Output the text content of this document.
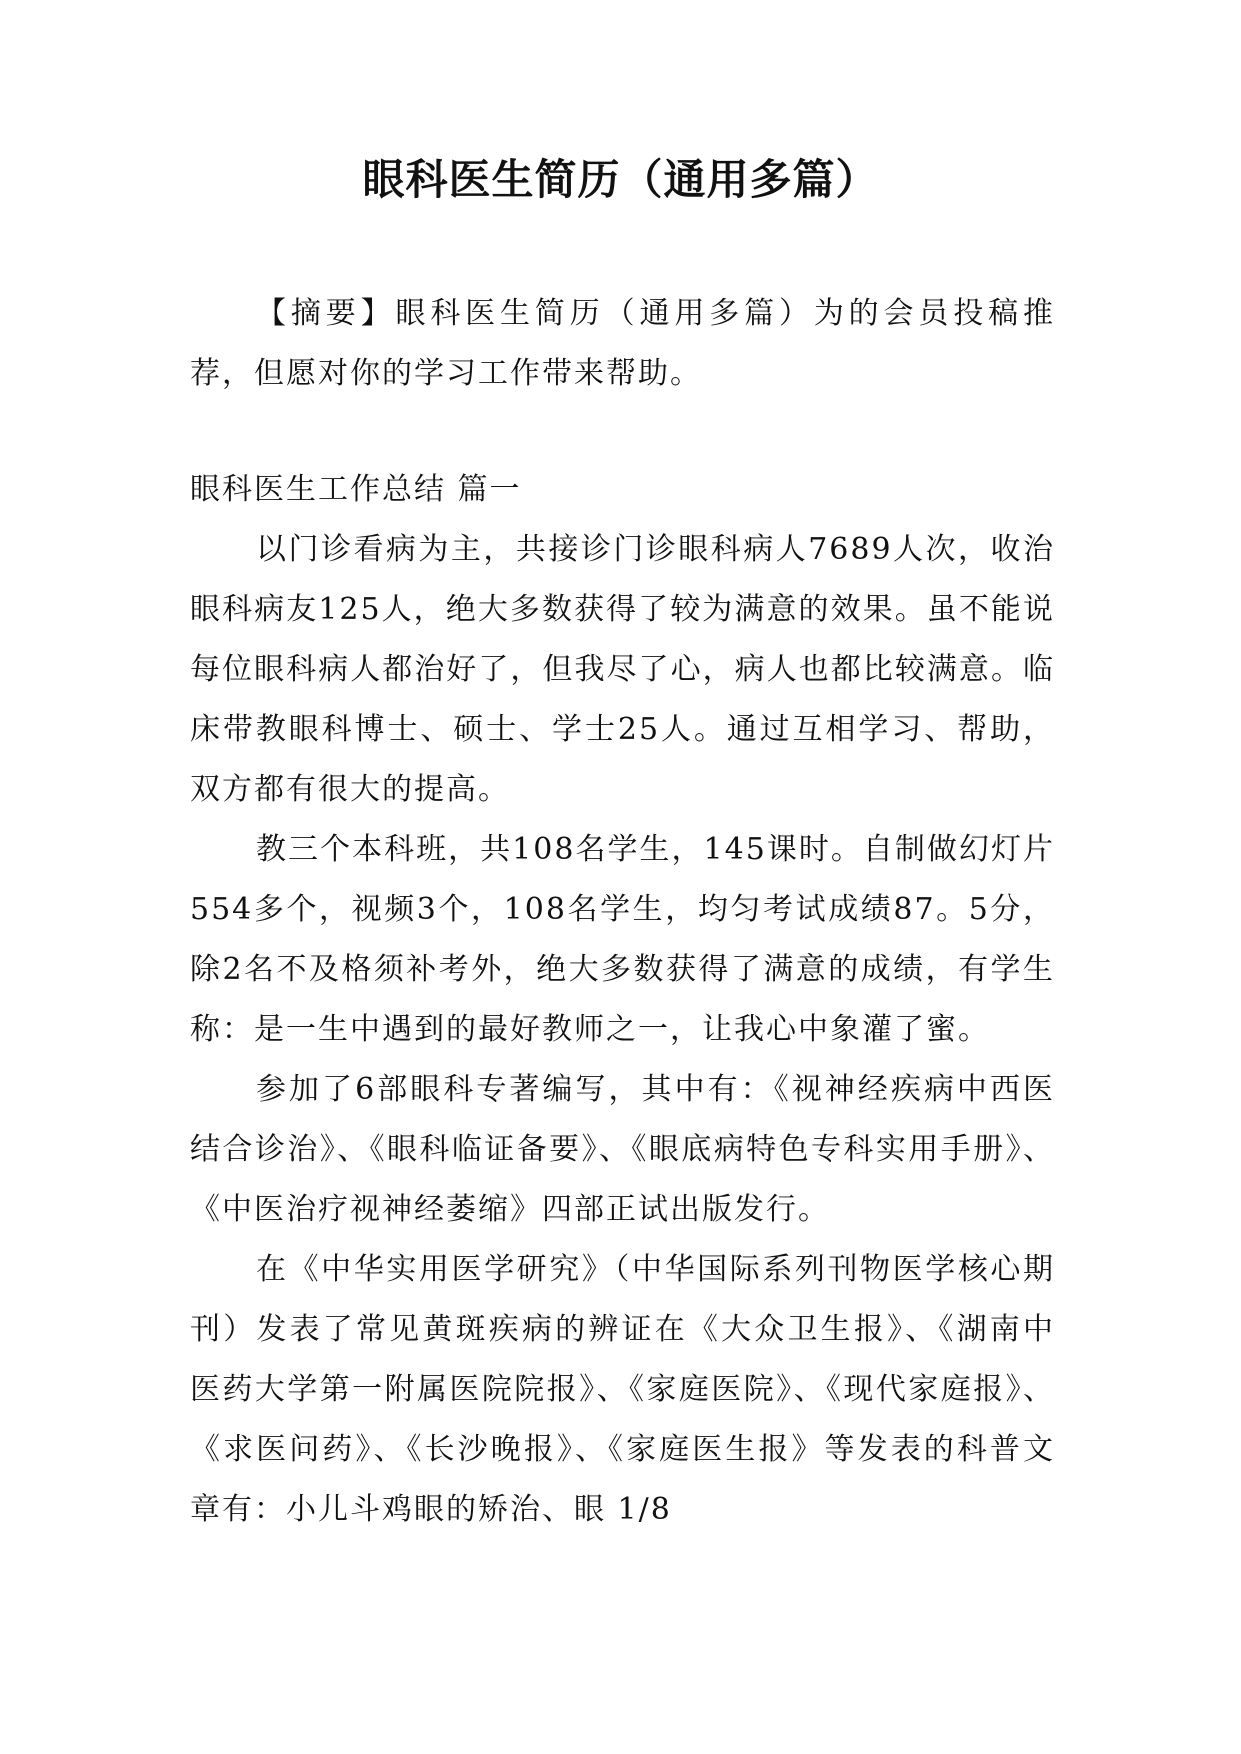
眼科医生简历（通用多篇）

【摘要】眼科医生简历（通用多篇）为的会员投稿推荐，但愿对你的学习工作带来帮助。

眼科医生工作总结 篇一

以门诊看病为主，共接诊门诊眼科病人7689人次，收治眼科病友125人，绝大多数获得了较为满意的效果。虽不能说每位眼科病人都治好了，但我尽了心，病人也都比较满意。临床带教眼科博士、硕士、学士25人。通过互相学习、帮助，双方都有很大的提高。

教三个本科班，共108名学生，145课时。自制做幻灯片554多个，视频3个，108名学生，均匀考试成绩87。5分，除2名不及格须补考外，绝大多数获得了满意的成绩，有学生称：是一生中遇到的最好教师之一，让我心中象灌了蜜。

参加了6部眼科专著编写，其中有：《视神经疾病中西医结合诊治》、《眼科临证备要》、《眼底病特色专科实用手册》、《中医治疗视神经萎缩》四部正试出版发行。

在《中华实用医学研究》（中华国际系列刊物医学核心期刊）发表了常见黄斑疾病的辨证在《大众卫生报》、《湖南中医药大学第一附属医院院报》、《家庭医院》、《现代家庭报》、《求医问药》、《长沙晚报》、《家庭医生报》等发表的科普文章有：小儿斗鸡眼的矫治、眼 1/8
